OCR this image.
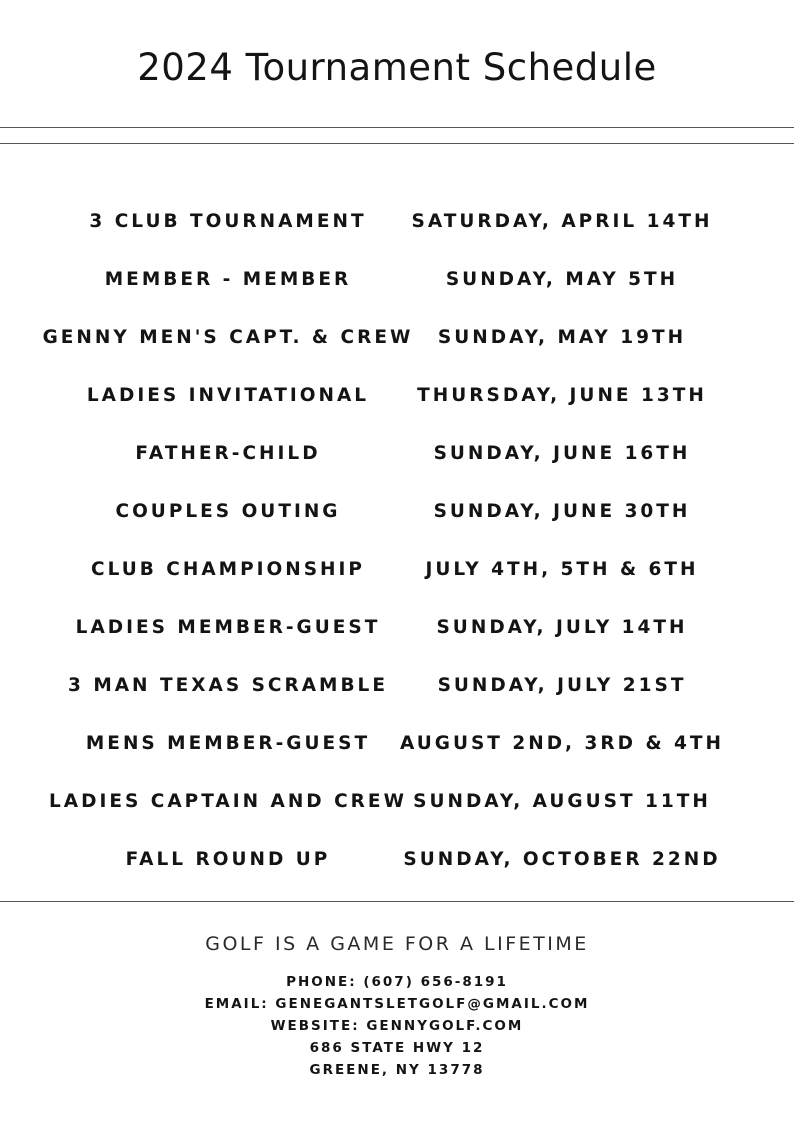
2024 Tournament Schedule
3 CLUB TOURNAMENT	SATURDAY, APRIL 14TH
MEMBER - MEMBER	SUNDAY, MAY 5TH
GENNY MEN'S CAPT. & CREW	SUNDAY, MAY 19TH
LADIES INVITATIONAL	THURSDAY, JUNE 13TH
FATHER-CHILD	SUNDAY, JUNE 16TH
COUPLES OUTING	SUNDAY, JUNE 30TH
CLUB CHAMPIONSHIP	JULY 4TH, 5TH & 6TH
LADIES MEMBER-GUEST	SUNDAY, JULY 14TH
3 MAN TEXAS SCRAMBLE	SUNDAY, JULY 21ST
MENS MEMBER-GUEST	AUGUST 2ND, 3RD & 4TH
LADIES CAPTAIN AND CREW SUNDAY, AUGUST 11TH
FALL ROUND UP	SUNDAY, OCTOBER 22ND
GOLF IS A GAME FOR A LIFETIME
PHONE: (607) 656-8191
EMAIL: GENEGANTSLETGOLF@GMAIL.COM
WEBSITE: GENNYGOLF.COM
686 STATE HWY 12
GREENE, NY 13778
